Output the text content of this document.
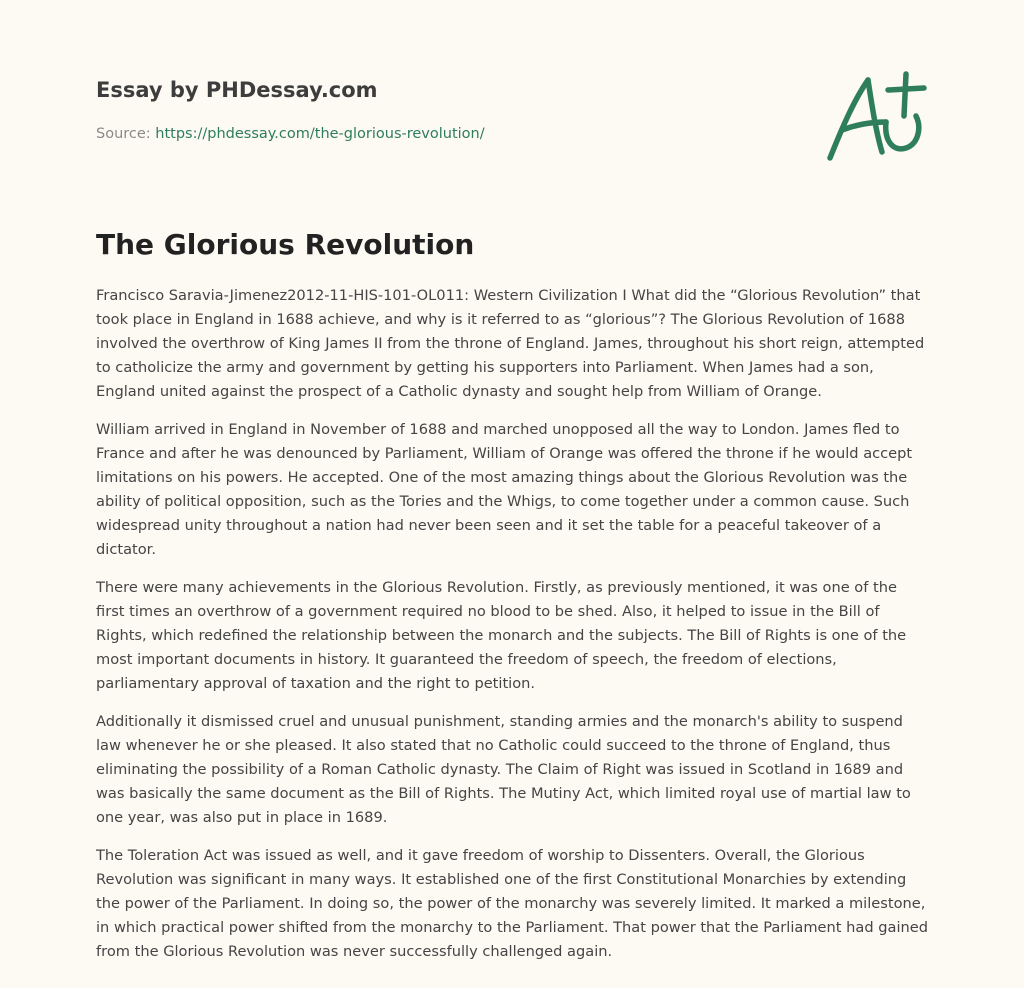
Essay by PHDessay.com
Source: https://phdessay.com/the-glorious-revolution/
The Glorious Revolution

Francisco Saravia-Jimenez2012-11-HIS-101-OL011: Western Civilization I What did the “Glorious Revolution” that took place in England in 1688 achieve, and why is it referred to as “glorious”? The Glorious Revolution of 1688 involved the overthrow of King James II from the throne of England. James, throughout his short reign, attempted to catholicize the army and government by getting his supporters into Parliament. When James had a son, England united against the prospect of a Catholic dynasty and sought help from William of Orange.

William arrived in England in November of 1688 and marched unopposed all the way to London. James fled to France and after he was denounced by Parliament, William of Orange was offered the throne if he would accept limitations on his powers. He accepted. One of the most amazing things about the Glorious Revolution was the ability of political opposition, such as the Tories and the Whigs, to come together under a common cause. Such widespread unity throughout a nation had never been seen and it set the table for a peaceful takeover of a dictator.

There were many achievements in the Glorious Revolution. Firstly, as previously mentioned, it was one of the first times an overthrow of a government required no blood to be shed. Also, it helped to issue in the Bill of Rights, which redefined the relationship between the monarch and the subjects. The Bill of Rights is one of the most important documents in history. It guaranteed the freedom of speech, the freedom of elections, parliamentary approval of taxation and the right to petition.

Additionally it dismissed cruel and unusual punishment, standing armies and the monarch's ability to suspend law whenever he or she pleased. It also stated that no Catholic could succeed to the throne of England, thus eliminating the possibility of a Roman Catholic dynasty. The Claim of Right was issued in Scotland in 1689 and was basically the same document as the Bill of Rights. The Mutiny Act, which limited royal use of martial law to one year, was also put in place in 1689.

The Toleration Act was issued as well, and it gave freedom of worship to Dissenters. Overall, the Glorious Revolution was significant in many ways. It established one of the first Constitutional Monarchies by extending the power of the Parliament. In doing so, the power of the monarchy was severely limited. It marked a milestone, in which practical power shifted from the monarchy to the Parliament. That power that the Parliament had gained from the Glorious Revolution was never successfully challenged again.
